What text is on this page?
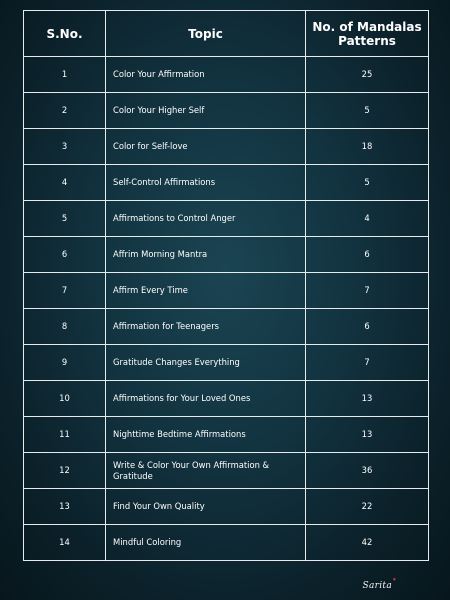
S.No.	Topic	No. of Mandalas Patterns
1	Color Your Affirmation	25
2	Color Your Higher Self	5
3	Color for Self-love	18
4	Self-Control Affirmations	5
5	Affirmations to Control Anger	4
6	Affrim Morning Mantra	6
7	Affirm Every Time	7
8	Affirmation for Teenagers	6
9	Gratitude Changes Everything	7
10	Affirmations for Your Loved Ones	13
11	Nighttime Bedtime Affirmations	13
12	Write & Color Your Own Affirmation & Gratitude	36
13	Find Your Own Quality	22
14	Mindful Coloring	42
Sarita
♥
